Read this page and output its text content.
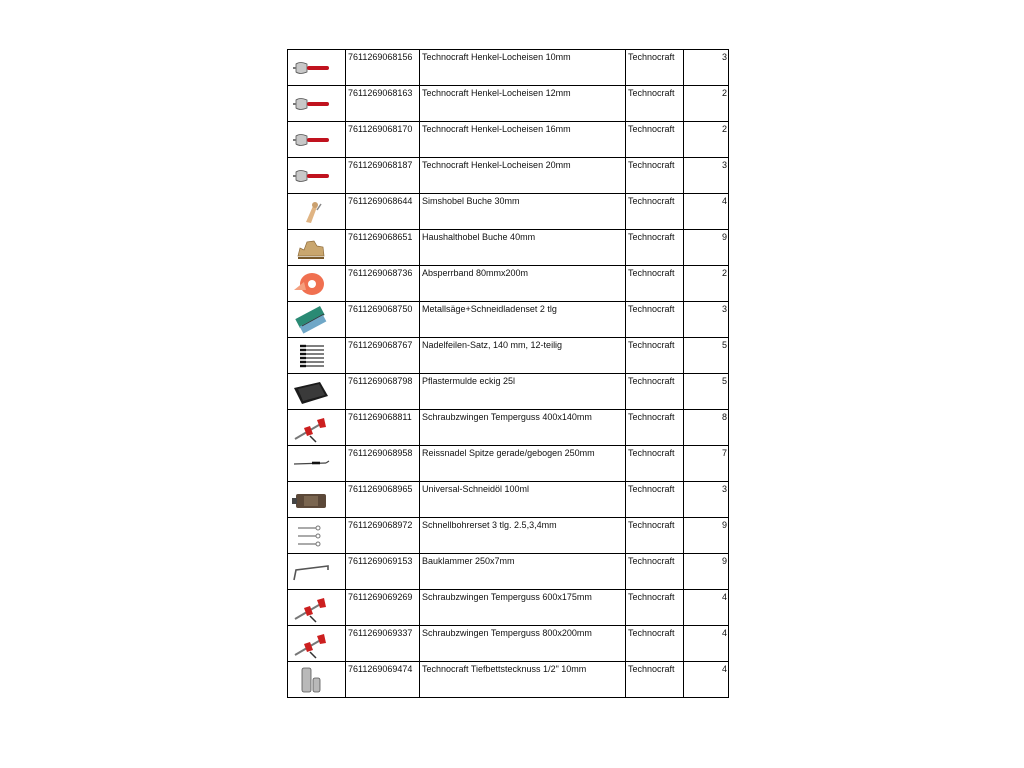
7611269068156	Technocraft Henkel-Locheisen 10mm	Technocraft	3

7611269068163	Technocraft Henkel-Locheisen 12mm	Technocraft	2

7611269068170	Technocraft Henkel-Locheisen 16mm	Technocraft	2

7611269068187	Technocraft Henkel-Locheisen 20mm	Technocraft	3

7611269068644	Simshobel Buche 30mm	Technocraft	4

7611269068651	Haushalthobel Buche 40mm	Technocraft	9

7611269068736	Absperrband 80mmx200m	Technocraft	2

7611269068750	Metallsäge+Schneidladenset 2 tlg	Technocraft	3

7611269068767	Nadelfeilen-Satz, 140 mm, 12-teilig	Technocraft	5

7611269068798	Pflastermulde eckig 25l	Technocraft	5

7611269068811	Schraubzwingen Temperguss 400x140mm	Technocraft	8

7611269068958	Reissnadel Spitze gerade/gebogen 250mm	Technocraft	7

7611269068965	Universal-Schneidöl 100ml	Technocraft	3

7611269068972	Schnellbohrerset 3 tlg. 2.5,3,4mm	Technocraft	9

7611269069153	Bauklammer 250x7mm	Technocraft	9

7611269069269	Schraubzwingen Temperguss 600x175mm	Technocraft	4

7611269069337	Schraubzwingen Temperguss 800x200mm	Technocraft	4

7611269069474	Technocraft Tiefbettstecknuss 1/2" 10mm	Technocraft	4
